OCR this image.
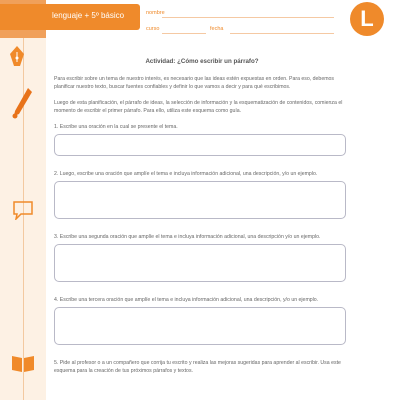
lenguaje + 5º básico	nombre
curso	fecha	L
Actividad: ¿Cómo escribir un párrafo?

Para escribir sobre un tema de nuestro interés, es necesario que las ideas estén expuestas en orden. Para eso, debemos planificar nuestro texto, buscar fuentes confiables y definir lo que vamos a decir y para qué escribimos.

Luego de esta planificación, el párrafo de ideas, la selección de información y la esquematización de contenidos, comienza el momento de escribir el primer párrafo. Para ello, utiliza este esquema como guía.

1. Escribe una oración en la cual se presente el tema.

2. Luego, escribe una oración que amplíe el tema e incluya información adicional, una descripción, y/o un ejemplo.

3. Escribe una segunda oración que amplíe el tema e incluya información adicional, una descripción y/o un ejemplo.

4. Escribe una tercera oración que amplíe el tema e incluya información adicional, una descripción, y/o un ejemplo.

5. Pide al profesor o a un compañero que corrija tu escrito y realiza las mejoras sugeridas para aprender al escribir. Usa este esquema para la creación de tus próximos párrafos y textos.
